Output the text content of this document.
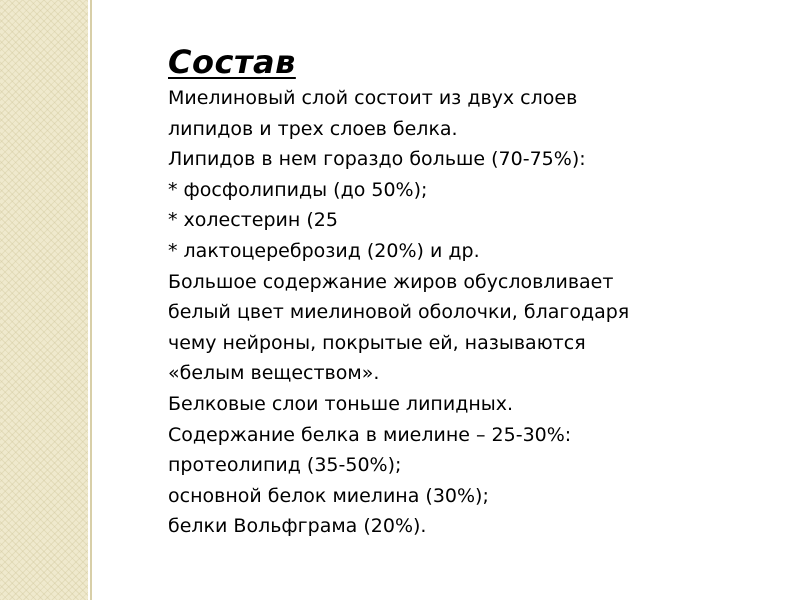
Состав
Миелиновый слой состоит из двух слоев
липидов и трех слоев белка.
Липидов в нем гораздо больше (70-75%):
* фосфолипиды (до 50%);
* холестерин (25
* лактоцереброзид (20%) и др.
Большое содержание жиров обусловливает
белый цвет миелиновой оболочки, благодаря
чему нейроны, покрытые ей, называются
«белым веществом».
Белковые слои тоньше липидных.
Содержание белка в миелине – 25-30%:
протеолипид (35-50%);
основной белок миелина (30%);
белки Вольфграма (20%).
